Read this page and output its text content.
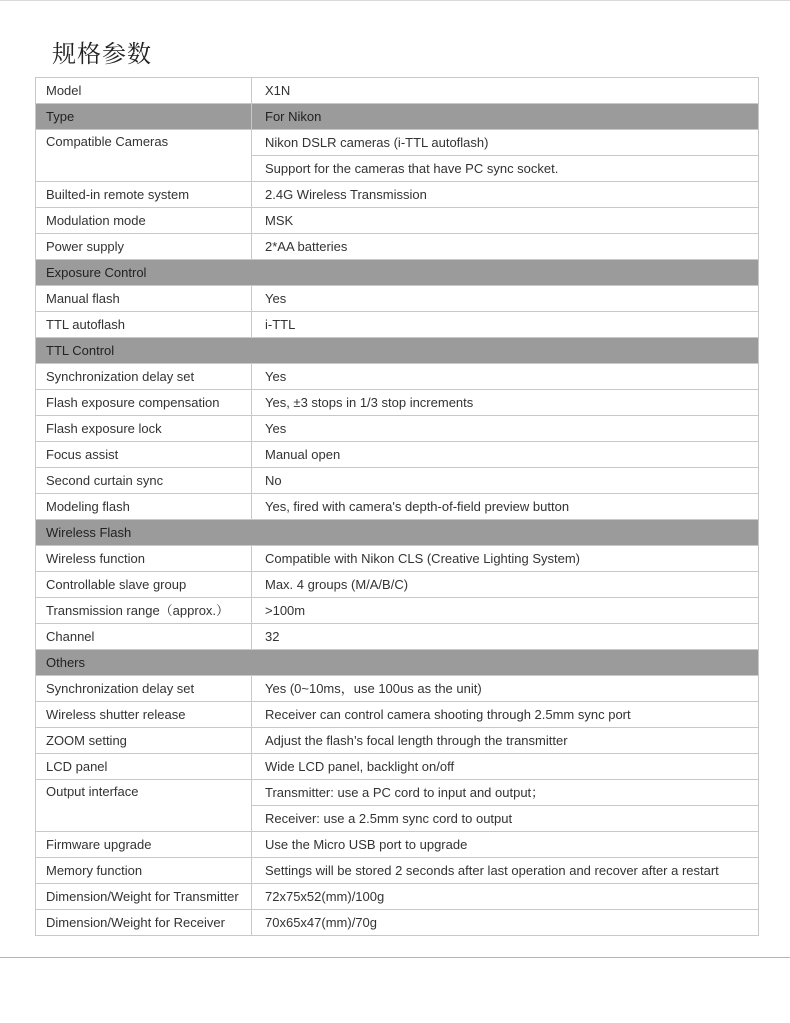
规格参数
Model	X1N
Type	For Nikon
Compatible Cameras	Nikon DSLR cameras (i-TTL autoflash)
	Support for the cameras that have PC sync socket.
Builted-in remote system	2.4G Wireless Transmission
Modulation mode	MSK
Power supply	2*AA batteries
Exposure Control	
Manual flash	Yes
TTL autoflash	i-TTL
TTL Control	
Synchronization delay set	Yes
Flash exposure compensation	Yes, ±3 stops in 1/3 stop increments
Flash exposure lock	Yes
Focus assist	Manual open
Second curtain sync	No
Modeling flash	Yes, fired with camera's depth-of-field preview button
Wireless Flash	
Wireless function	Compatible with Nikon CLS (Creative Lighting System)
Controllable slave group	Max. 4 groups (M/A/B/C)
Transmission range（approx.）	>100m
Channel	32
Others	
Synchronization delay set	Yes (0~10ms，use 100us as the unit)
Wireless shutter release	Receiver can control camera shooting through 2.5mm sync port
ZOOM setting	Adjust the flash’s focal length through the transmitter
LCD panel	Wide LCD panel, backlight on/off
Output interface	Transmitter: use a PC cord to input and output；
	Receiver: use a 2.5mm sync cord to output
Firmware upgrade	Use the Micro USB port to upgrade
Memory function	Settings will be stored 2 seconds after last operation and recover after a restart
Dimension/Weight for Transmitter	72x75x52(mm)/100g
Dimension/Weight for Receiver	70x65x47(mm)/70g
